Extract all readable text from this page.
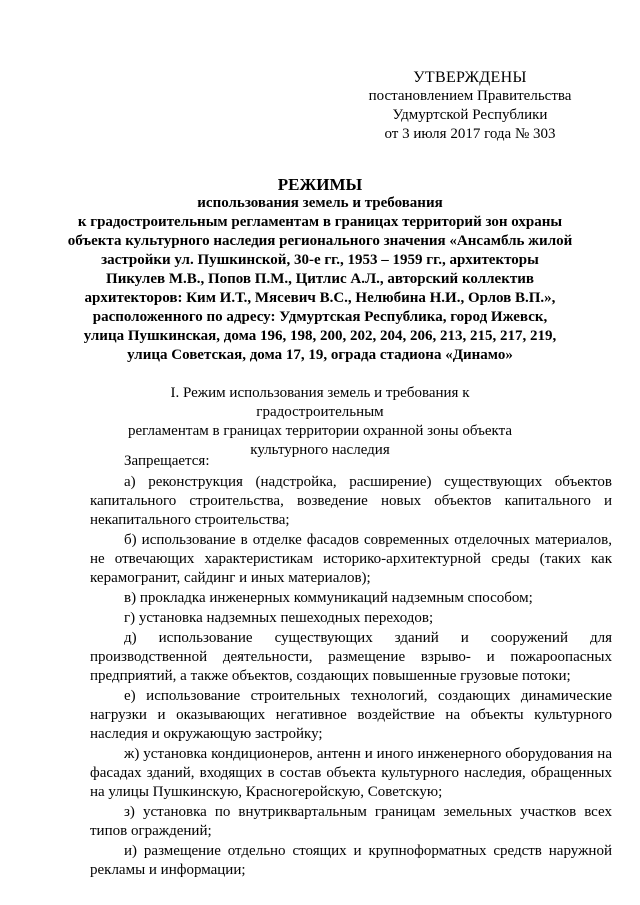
УТВЕРЖДЕНЫ
постановлением Правительства
Удмуртской Республики
от 3 июля 2017 года № 303
РЕЖИМЫ
использования земель и требования
к градостроительным регламентам в границах территорий зон охраны
объекта культурного наследия регионального значения «Ансамбль жилой
застройки ул. Пушкинской, 30-е гг., 1953 – 1959 гг., архитекторы
Пикулев М.В., Попов П.М., Цитлис А.Л., авторский коллектив
архитекторов: Ким И.Т., Мясевич В.С., Нелюбина Н.И., Орлов В.П.»,
расположенного по адресу: Удмуртская Республика, город Ижевск,
улица Пушкинская, дома 196, 198, 200, 202, 204, 206, 213, 215, 217, 219,
улица Советская, дома 17, 19, ограда стадиона «Динамо»
I. Режим использования земель и требования к градостроительным
регламентам в границах территории охранной зоны объекта
культурного наследия

Запрещается:

а) реконструкция (надстройка, расширение) существующих объектов капитального строительства, возведение новых объектов капитального и некапитального строительства;

б) использование в отделке фасадов современных отделочных материалов, не отвечающих характеристикам историко-архитектурной среды (таких как керамогранит, сайдинг и иных материалов);

в) прокладка инженерных коммуникаций надземным способом;

г) установка надземных пешеходных переходов;

д) использование существующих зданий и сооружений для производственной деятельности, размещение взрыво- и пожароопасных предприятий, а также объектов, создающих повышенные грузовые потоки;

е) использование строительных технологий, создающих динамические нагрузки и оказывающих негативное воздействие на объекты культурного наследия и окружающую застройку;

ж) установка кондиционеров, антенн и иного инженерного оборудования на фасадах зданий, входящих в состав объекта культурного наследия, обращенных на улицы Пушкинскую, Красногеройскую, Советскую;

з) установка по внутриквартальным границам земельных участков всех типов ограждений;

и) размещение отдельно стоящих и крупноформатных средств наружной рекламы и информации;
